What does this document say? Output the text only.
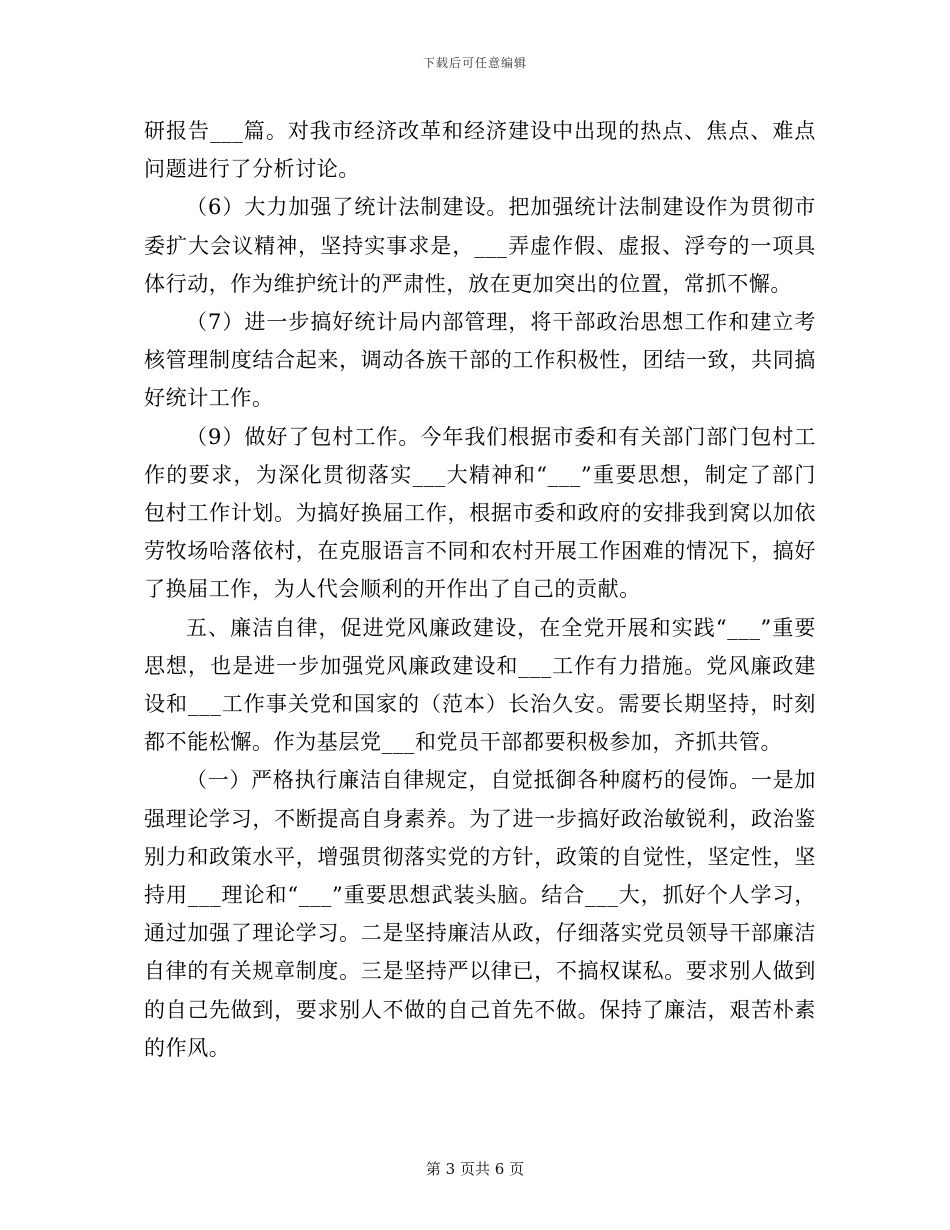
下载后可任意编辑

研报告___篇。对我市经济改革和经济建设中出现的热点、焦点、难点问题进行了分析讨论。

（6）大力加强了统计法制建设。把加强统计法制建设作为贯彻市委扩大会议精神，坚持实事求是，___弄虚作假、虚报、浮夸的一项具体行动，作为维护统计的严肃性，放在更加突出的位置，常抓不懈。

（7）进一步搞好统计局内部管理，将干部政治思想工作和建立考核管理制度结合起来，调动各族干部的工作积极性，团结一致，共同搞好统计工作。

（9）做好了包村工作。今年我们根据市委和有关部门部门包村工作的要求，为深化贯彻落实___大精神和“___”重要思想，制定了部门包村工作计划。为搞好换届工作，根据市委和政府的安排我到窝以加依劳牧场哈落依村，在克服语言不同和农村开展工作困难的情况下，搞好了换届工作，为人代会顺利的开作出了自己的贡献。

五、廉洁自律，促进党风廉政建设，在全党开展和实践“___”重要思想，也是进一步加强党风廉政建设和___工作有力措施。党风廉政建设和___工作事关党和国家的（范本）长治久安。需要长期坚持，时刻都不能松懈。作为基层党___和党员干部都要积极参加，齐抓共管。

（一）严格执行廉洁自律规定，自觉抵御各种腐朽的侵饰。一是加强理论学习，不断提高自身素养。为了进一步搞好政治敏锐利，政治鉴别力和政策水平，增强贯彻落实党的方针，政策的自觉性，坚定性，坚持用___理论和“___”重要思想武装头脑。结合___大，抓好个人学习，通过加强了理论学习。二是坚持廉洁从政，仔细落实党员领导干部廉洁自律的有关规章制度。三是坚持严以律已，不搞权谋私。要求别人做到的自己先做到，要求别人不做的自己首先不做。保持了廉洁，艰苦朴素的作风。

第 3 页共 6 页
